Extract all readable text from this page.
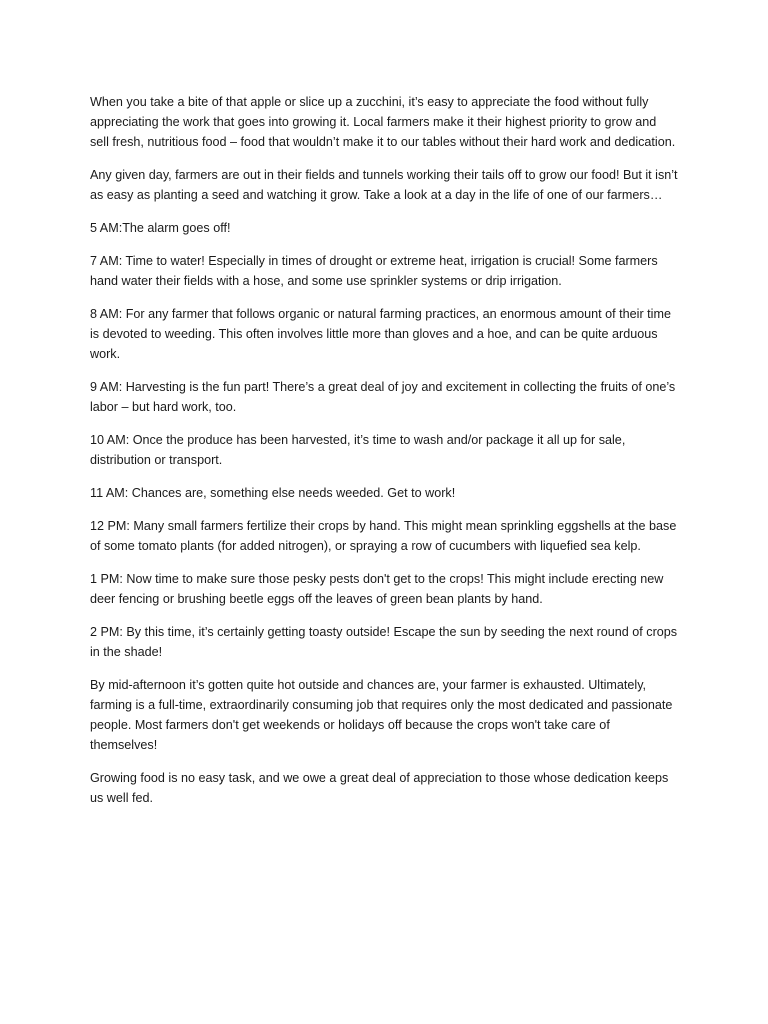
When you take a bite of that apple or slice up a zucchini, it’s easy to appreciate the food without fully appreciating the work that goes into growing it. Local farmers make it their highest priority to grow and sell fresh, nutritious food – food that wouldn’t make it to our tables without their hard work and dedication.

Any given day, farmers are out in their fields and tunnels working their tails off to grow our food! But it isn’t as easy as planting a seed and watching it grow. Take a look at a day in the life of one of our farmers…

5 AM:The alarm goes off!

7 AM: Time to water! Especially in times of drought or extreme heat, irrigation is crucial! Some farmers hand water their fields with a hose, and some use sprinkler systems or drip irrigation.

8 AM: For any farmer that follows organic or natural farming practices, an enormous amount of their time is devoted to weeding. This often involves little more than gloves and a hoe, and can be quite arduous work.

9 AM: Harvesting is the fun part! There’s a great deal of joy and excitement in collecting the fruits of one’s labor – but hard work, too.

10 AM: Once the produce has been harvested, it’s time to wash and/or package it all up for sale, distribution or transport.

11 AM: Chances are, something else needs weeded. Get to work!

12 PM: Many small farmers fertilize their crops by hand. This might mean sprinkling eggshells at the base of some tomato plants (for added nitrogen), or spraying a row of cucumbers with liquefied sea kelp.

1 PM: Now time to make sure those pesky pests don't get to the crops! This might include erecting new deer fencing or brushing beetle eggs off the leaves of green bean plants by hand.

2 PM: By this time, it’s certainly getting toasty outside! Escape the sun by seeding the next round of crops in the shade!

By mid-afternoon it’s gotten quite hot outside and chances are, your farmer is exhausted. Ultimately, farming is a full-time, extraordinarily consuming job that requires only the most dedicated and passionate people. Most farmers don't get weekends or holidays off because the crops won't take care of themselves!

Growing food is no easy task, and we owe a great deal of appreciation to those whose dedication keeps us well fed.
